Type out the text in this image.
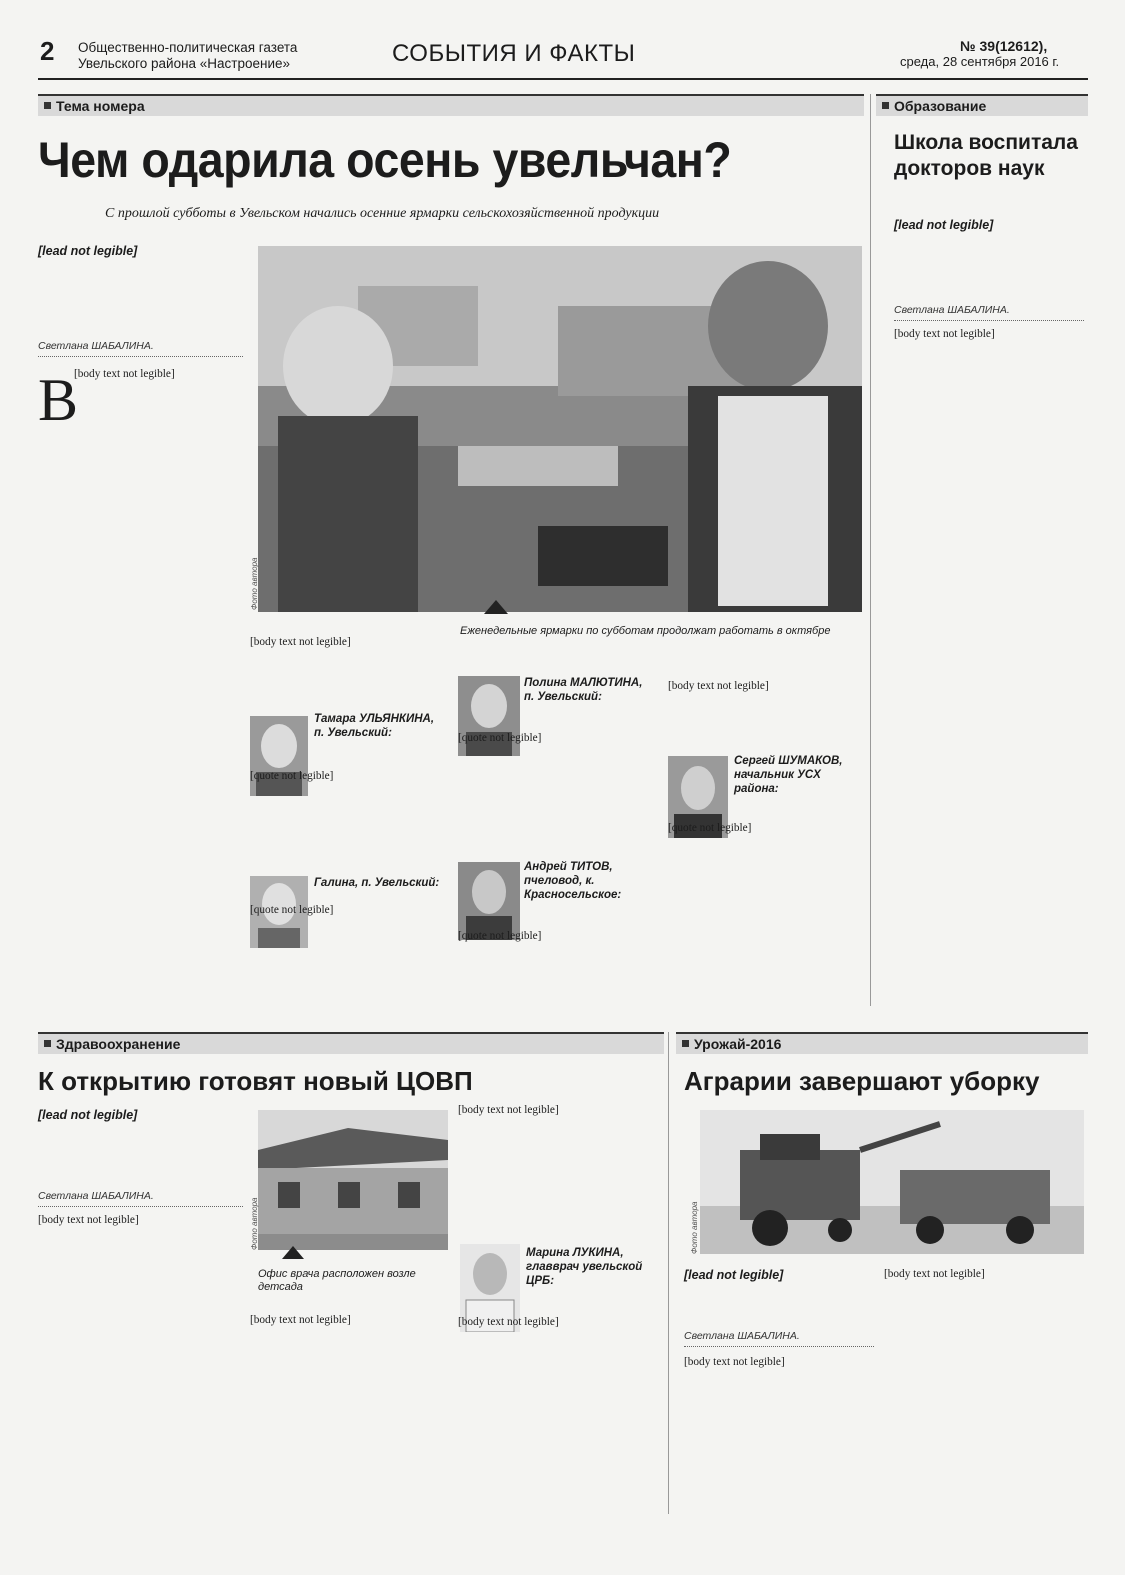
2 Общественно-политическая газета Увельского района «Настроение»	СОБЫТИЯ И ФАКТЫ	№ 39(12612),
среда, 28 сентября 2016 г.
Тема номера	Образование
Чем одарила осень увельчан?
С прошлой субботы в Увельском начались осенние ярмарки сельскохозяйственной продукции
[lead not legible]
Светлана ШАБАЛИНА.
Фото автора
Еженедельные ярмарки по субботам продолжат работать в октябре
В
[body text not legible]
[body text not legible]
Тамара УЛЬЯНКИНА, п. Увельский:
[quote not legible]
Галина, п. Увельский:
[quote not legible]
Полина МАЛЮТИНА, п. Увельский:
[quote not legible]
Андрей ТИТОВ, пчеловод, к. Красносельское:
[quote not legible]
[body text not legible]
Сергей ШУМАКОВ, начальник УСХ района:
[quote not legible]
Школа воспитала докторов наук
[lead not legible]
Светлана ШАБАЛИНА.
[body text not legible]
Здравоохранение	Урожай-2016
К открытию готовят новый ЦОВП
[lead not legible]
Светлана ШАБАЛИНА.
[body text not legible]	Фото автора
Офис врача расположен возле детсада
[body text not legible]
[body text not legible]
Марина ЛУКИНА, главврач увельской ЦРБ:
[body text not legible]
Аграрии завершают уборку
Фото автора
[lead not legible]
Светлана ШАБАЛИНА.
[body text not legible]
[body text not legible]
